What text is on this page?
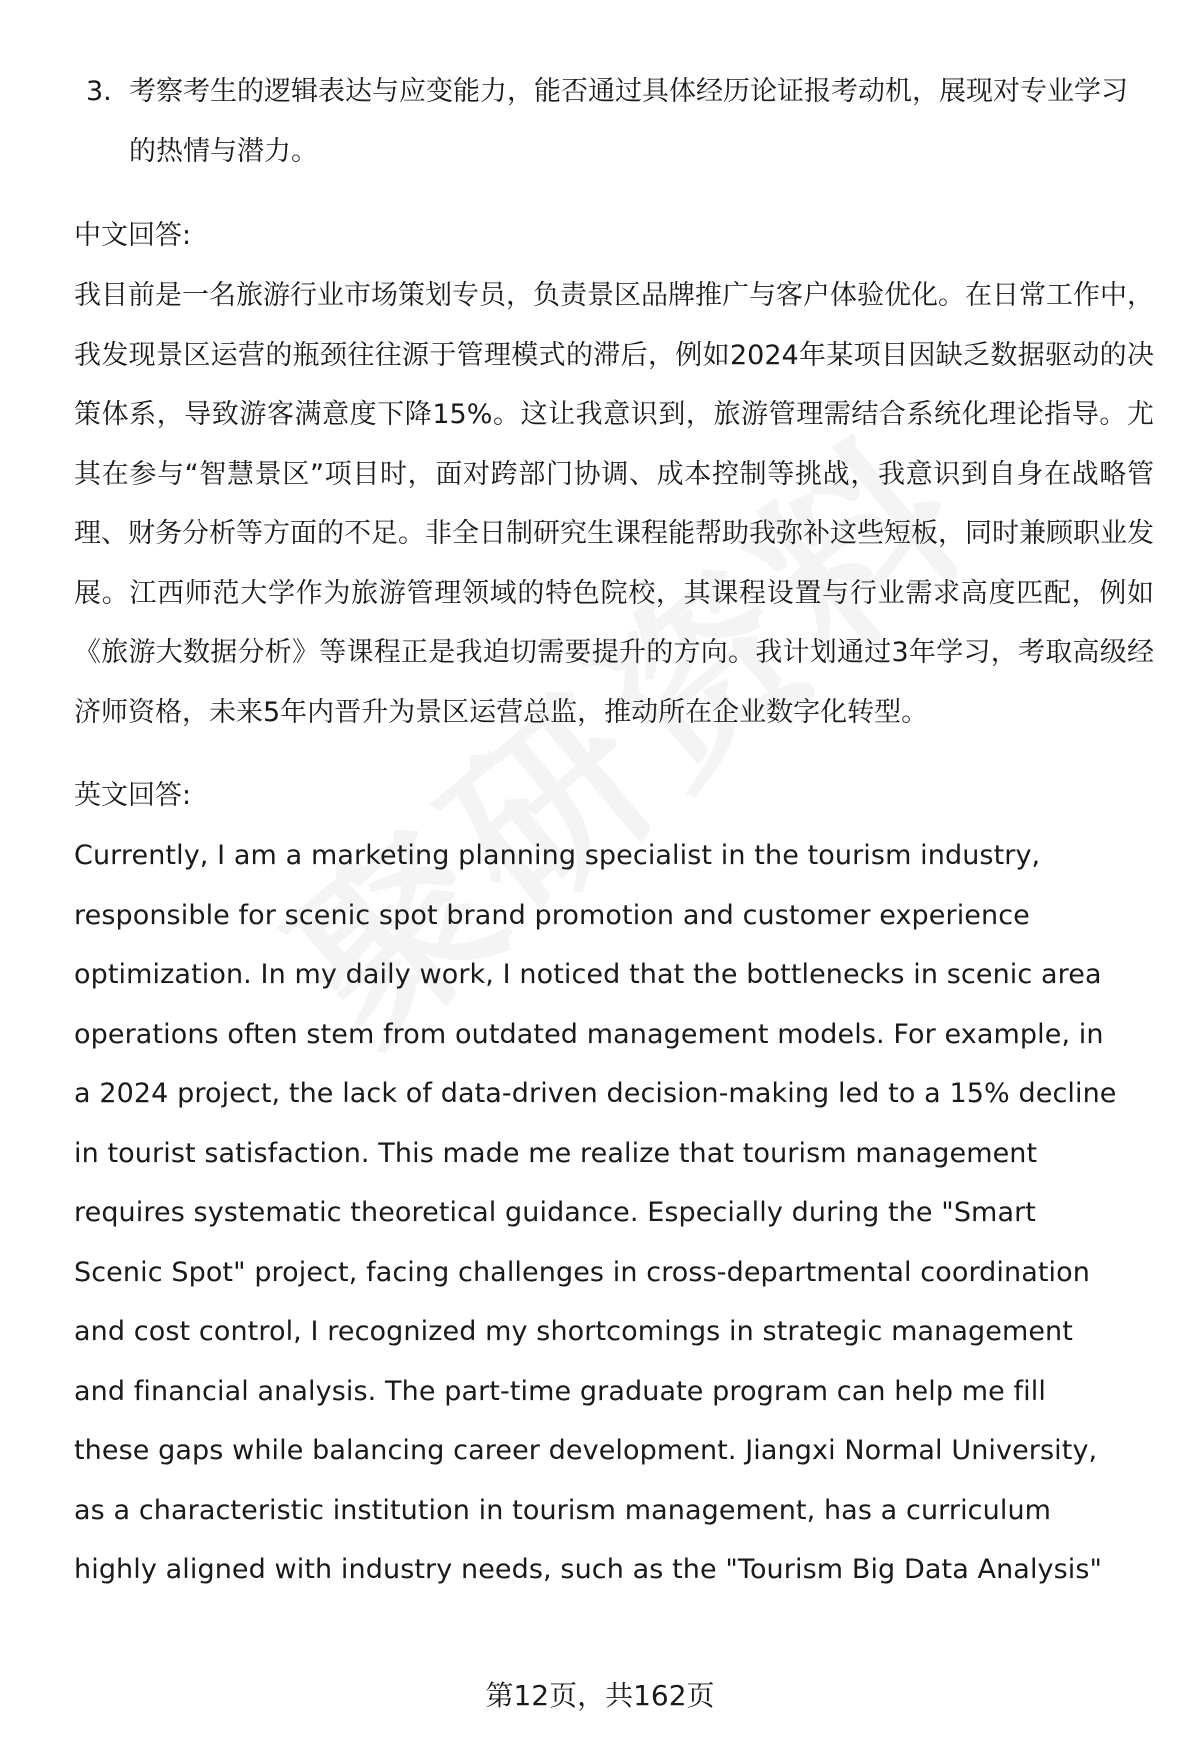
3. 考察考生的逻辑表达与应变能力，能否通过具体经历论证报考动机，展现对专业学习的热情与潜力。
中文回答:
我目前是一名旅游行业市场策划专员，负责景区品牌推广与客户体验优化。在日常工作中，我发现景区运营的瓶颈往往源于管理模式的滞后，例如2024年某项目因缺乏数据驱动的决策体系，导致游客满意度下降15%。这让我意识到，旅游管理需结合系统化理论指导。尤其在参与“智慧景区”项目时，面对跨部门协调、成本控制等挑战，我意识到自身在战略管理、财务分析等方面的不足。非全日制研究生课程能帮助我弥补这些短板，同时兼顾职业发展。江西师范大学作为旅游管理领域的特色院校，其课程设置与行业需求高度匹配，例如《旅游大数据分析》等课程正是我迫切需要提升的方向。我计划通过3年学习，考取高级经济师资格，未来5年内晋升为景区运营总监，推动所在企业数字化转型。
英文回答:
Currently, I am a marketing planning specialist in the tourism industry,
responsible for scenic spot brand promotion and customer experience
optimization. In my daily work, I noticed that the bottlenecks in scenic area
operations often stem from outdated management models. For example, in
a 2024 project, the lack of data-driven decision-making led to a 15% decline
in tourist satisfaction. This made me realize that tourism management
requires systematic theoretical guidance. Especially during the "Smart
Scenic Spot" project, facing challenges in cross-departmental coordination
and cost control, I recognized my shortcomings in strategic management
and financial analysis. The part-time graduate program can help me fill
these gaps while balancing career development. Jiangxi Normal University,
as a characteristic institution in tourism management, has a curriculum
highly aligned with industry needs, such as the "Tourism Big Data Analysis"
第12页，共162页
